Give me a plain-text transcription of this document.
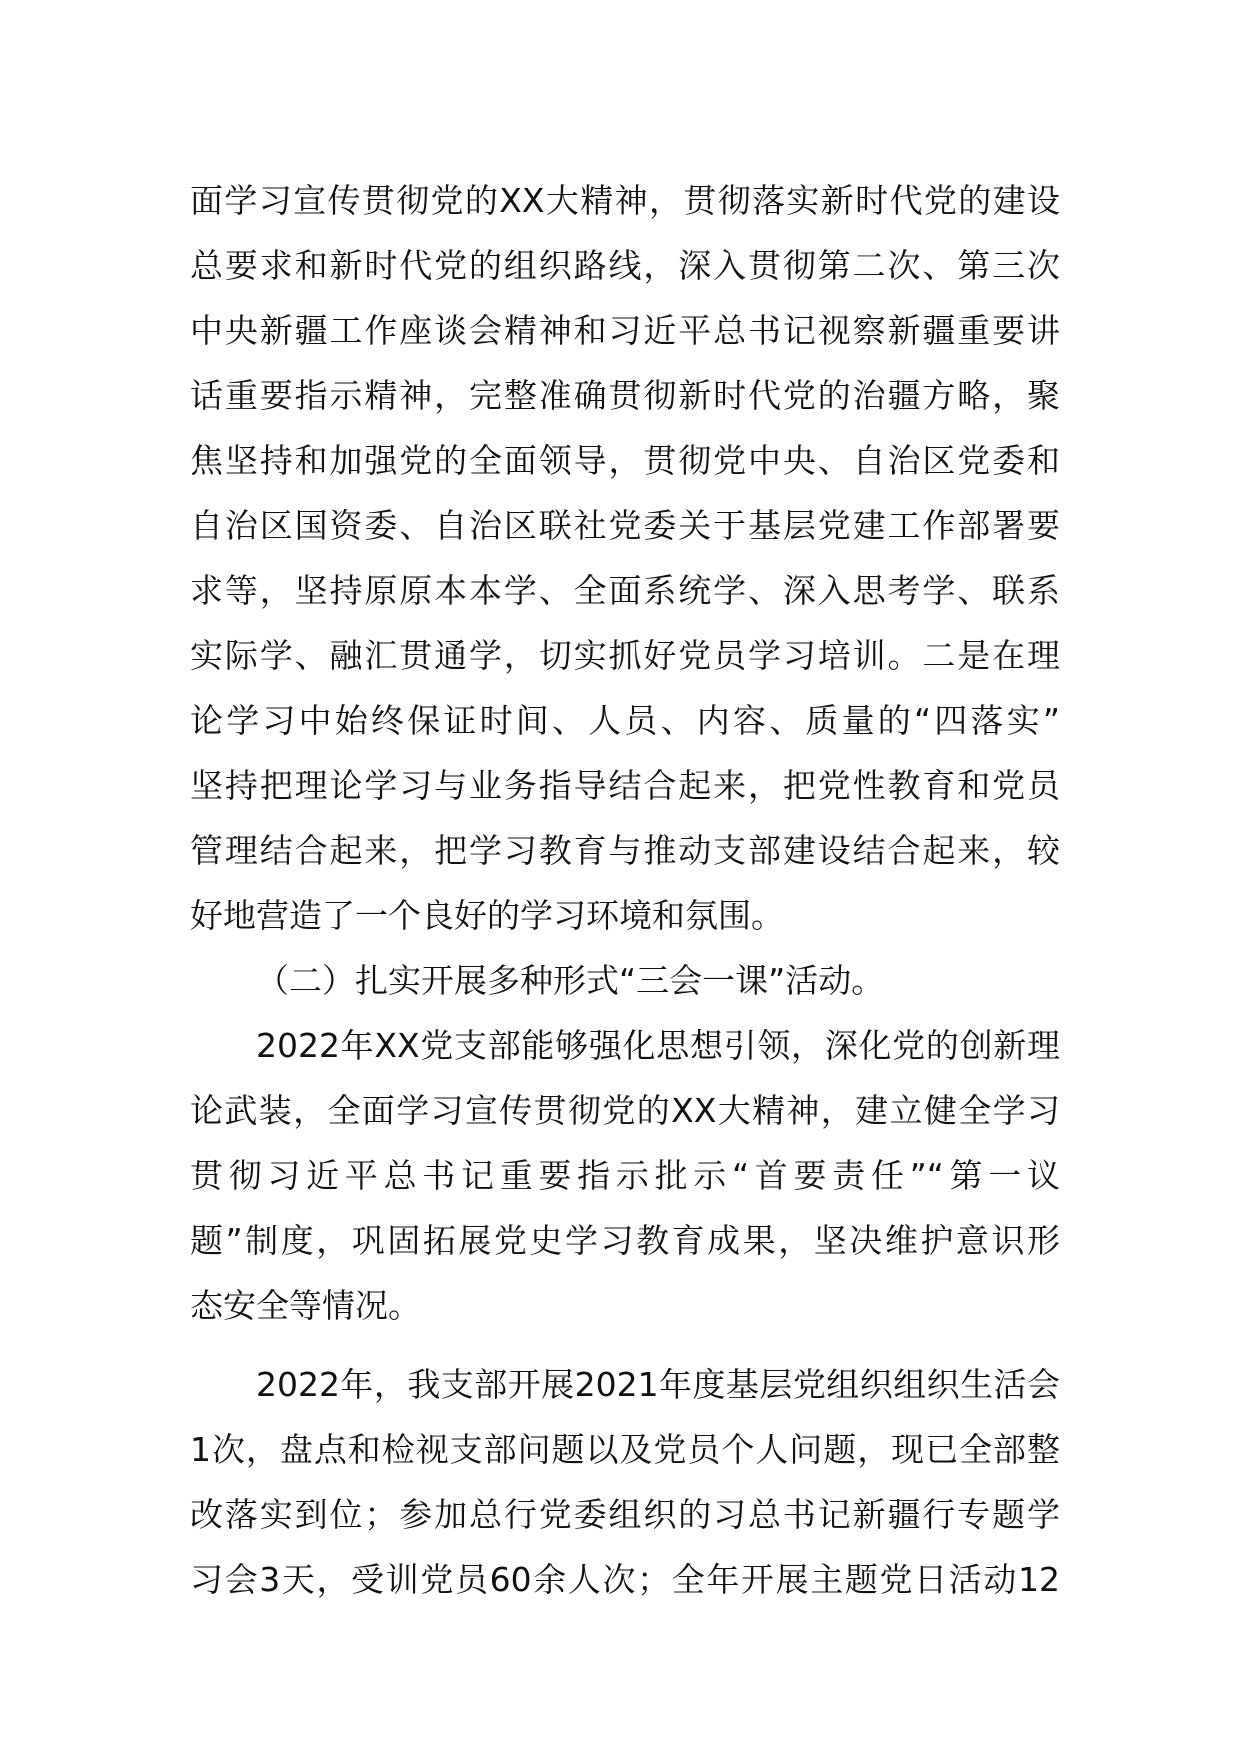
面学习宣传贯彻党的XX大精神，贯彻落实新时代党的建设
总要求和新时代党的组织路线，深入贯彻第二次、第三次
中央新疆工作座谈会精神和习近平总书记视察新疆重要讲
话重要指示精神，完整准确贯彻新时代党的治疆方略，聚
焦坚持和加强党的全面领导，贯彻党中央、自治区党委和
自治区国资委、自治区联社党委关于基层党建工作部署要
求等，坚持原原本本学、全面系统学、深入思考学、联系
实际学、融汇贯通学，切实抓好党员学习培训。二是在理
论学习中始终保证时间、人员、内容、质量的“四落实”
坚持把理论学习与业务指导结合起来，把党性教育和党员
管理结合起来，把学习教育与推动支部建设结合起来，较
好地营造了一个良好的学习环境和氛围。
（二）扎实开展多种形式“三会一课”活动。
2022年XX党支部能够强化思想引领，深化党的创新理
论武装，全面学习宣传贯彻党的XX大精神，建立健全学习
贯彻习近平总书记重要指示批示“首要责任”“第一议
题”制度，巩固拓展党史学习教育成果，坚决维护意识形
态安全等情况。
2022年，我支部开展2021年度基层党组织组织生活会
1次，盘点和检视支部问题以及党员个人问题，现已全部整
改落实到位；参加总行党委组织的习总书记新疆行专题学
习会3天，受训党员60余人次；全年开展主题党日活动12
